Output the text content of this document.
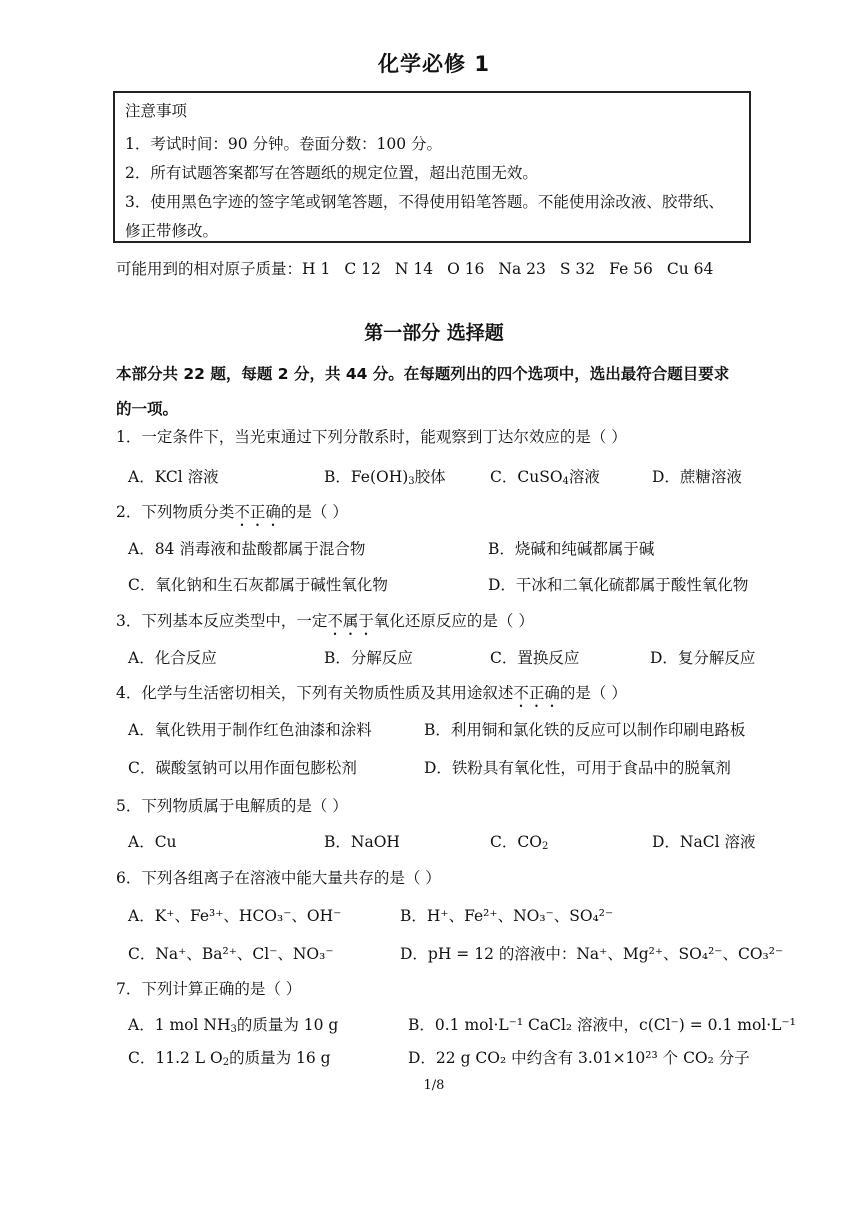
化学必修 1
注意事项
1．考试时间：90 分钟。卷面分数：100 分。
2．所有试题答案都写在答题纸的规定位置，超出范围无效。
3．使用黑色字迹的签字笔或钢笔答题，不得使用铅笔答题。不能使用涂改液、胶带纸、
修正带修改。
可能用到的相对原子质量：H 1 C 12 N 14 O 16 Na 23 S 32 Fe 56 Cu 64
第一部分 选择题
本部分共 22 题，每题 2 分，共 44 分。在每题列出的四个选项中，选出最符合题目要求
的一项。
1．一定条件下，当光束通过下列分散系时，能观察到丁达尔效应的是（ ）
A．KCl 溶液	B．$Fe(OH)_3$胶体	C．CuSO$_4$溶液	D．蔗糖溶液
2．下列物质分类不正确的是（ ）
A．84 消毒液和盐酸都属于混合物	B．烧碱和纯碱都属于碱
C．氧化钠和生石灰都属于碱性氧化物	D．干冰和二氧化硫都属于酸性氧化物
3．下列基本反应类型中，一定不属于氧化还原反应的是（ ）
A．化合反应	B．分解反应	C．置换反应	D．复分解反应
4．化学与生活密切相关，下列有关物质性质及其用途叙述不正确的是（ ）
A．氧化铁用于制作红色油漆和涂料	B．利用铜和氯化铁的反应可以制作印刷电路板
C．碳酸氢钠可以用作面包膨松剂	D．铁粉具有氧化性，可用于食品中的脱氧剂
5．下列物质属于电解质的是（ ）
A．Cu	B．NaOH	C．$CO_2$	D．NaCl 溶液
6．下列各组离子在溶液中能大量共存的是（ ）
A．K⁺、Fe³⁺、HCO₃⁻、OH⁻	B．H⁺、Fe²⁺、NO₃⁻、SO₄²⁻
C．Na⁺、Ba²⁺、Cl⁻、NO₃⁻	D．pH = 12 的溶液中：Na⁺、Mg²⁺、SO₄²⁻、CO₃²⁻
7．下列计算正确的是（ ）
A．1 mol $NH_3$的质量为 10 g	B．0.1 mol·L⁻¹ CaCl₂ 溶液中，c(Cl⁻) = 0.1 mol·L⁻¹
C．11.2 L $O_2$的质量为 16 g	D．22 g CO₂ 中约含有 3.01×10²³ 个 CO₂ 分子
1/8
